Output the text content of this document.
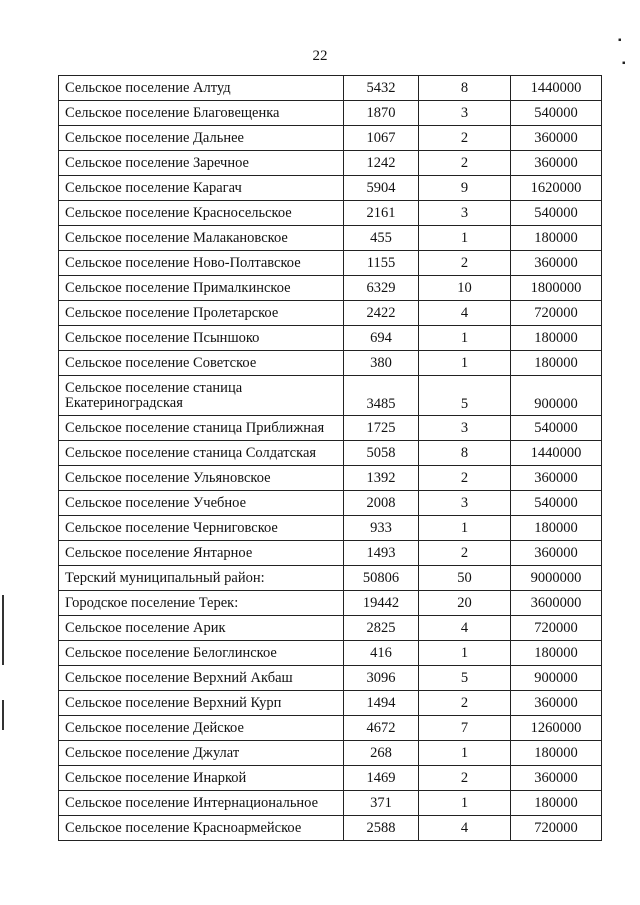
22
▪
▪
Сельское поселение Алтуд	5432	8	1440000
Сельское поселение Благовещенка	1870	3	540000
Сельское поселение Дальнее	1067	2	360000
Сельское поселение Заречное	1242	2	360000
Сельское поселение Карагач	5904	9	1620000
Сельское поселение Красносельское	2161	3	540000
Сельское поселение Малакановское	455	1	180000
Сельское поселение Ново-Полтавское	1155	2	360000
Сельское поселение Прималкинское	6329	10	1800000
Сельское поселение Пролетарское	2422	4	720000
Сельское поселение Псыншоко	694	1	180000
Сельское поселение Советское	380	1	180000
Сельское поселение станица Екатериноградская	3485	5	900000
Сельское поселение станица Приближная	1725	3	540000
Сельское поселение станица Солдатская	5058	8	1440000
Сельское поселение Ульяновское	1392	2	360000
Сельское поселение Учебное	2008	3	540000
Сельское поселение Черниговское	933	1	180000
Сельское поселение Янтарное	1493	2	360000
Терский муниципальный район:	50806	50	9000000
Городское поселение Терек:	19442	20	3600000
Сельское поселение Арик	2825	4	720000
Сельское поселение Белоглинское	416	1	180000
Сельское поселение Верхний Акбаш	3096	5	900000
Сельское поселение Верхний Курп	1494	2	360000
Сельское поселение Дейское	4672	7	1260000
Сельское поселение Джулат	268	1	180000
Сельское поселение Инаркой	1469	2	360000
Сельское поселение Интернациональное	371	1	180000
Сельское поселение Красноармейское	2588	4	720000
